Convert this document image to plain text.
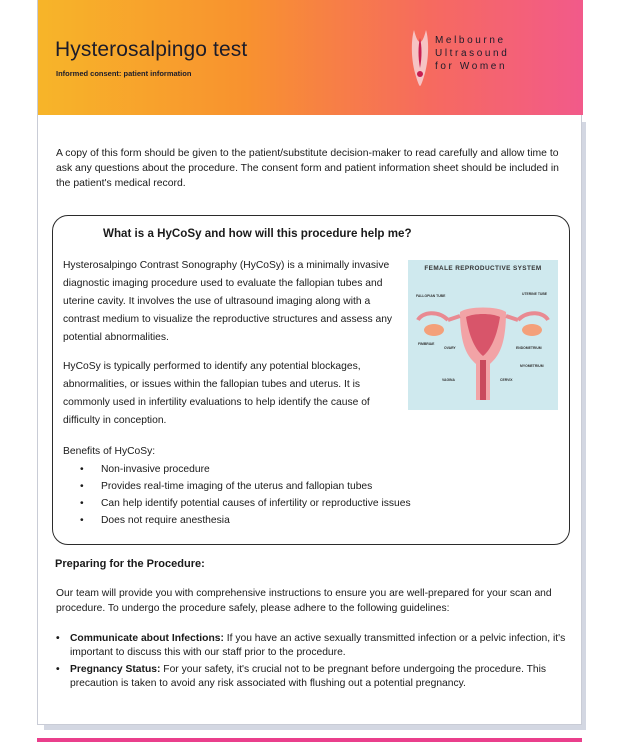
Hysterosalpingo test
Informed consent: patient information
Melbourne
Ultrasound
for Women

A copy of this form should be given to the patient/substitute decision-maker to read carefully and allow time to ask any questions about the procedure. The consent form and patient information sheet should be included in the patient's medical record.

What is a HyCoSy and how will this procedure help me?

Hysterosalpingo Contrast Sonography (HyCoSy) is a minimally invasive diagnostic imaging procedure used to evaluate the fallopian tubes and uterine cavity. It involves the use of ultrasound imaging along with a contrast medium to visualize the reproductive structures and assess any potential abnormalities.

HyCoSy is typically performed to identify any potential blockages, abnormalities, or issues within the fallopian tubes and uterus. It is commonly used in infertility evaluations to help identify the cause of difficulty in conception.

Benefits of HyCoSy:
• Non-invasive procedure
• Provides real-time imaging of the uterus and fallopian tubes
• Can help identify potential causes of infertility or reproductive issues
• Does not require anesthesia
FEMALE REPRODUCTIVE SYSTEM
FALLOPIAN TUBE	UTERINE TUBE
FIMBRIAE
OVARY	ENDOMETRIUM
MYOMETRIUM
VAGINA	CERVIX
Preparing for the Procedure:

Our team will provide you with comprehensive instructions to ensure you are well-prepared for your scan and procedure. To undergo the procedure safely, please adhere to the following guidelines:

• Communicate about Infections: If you have an active sexually transmitted infection or a pelvic infection, it's important to discuss this with our staff prior to the procedure.
• Pregnancy Status: For your safety, it's crucial not to be pregnant before undergoing the procedure. This precaution is taken to avoid any risk associated with flushing out a potential pregnancy.
